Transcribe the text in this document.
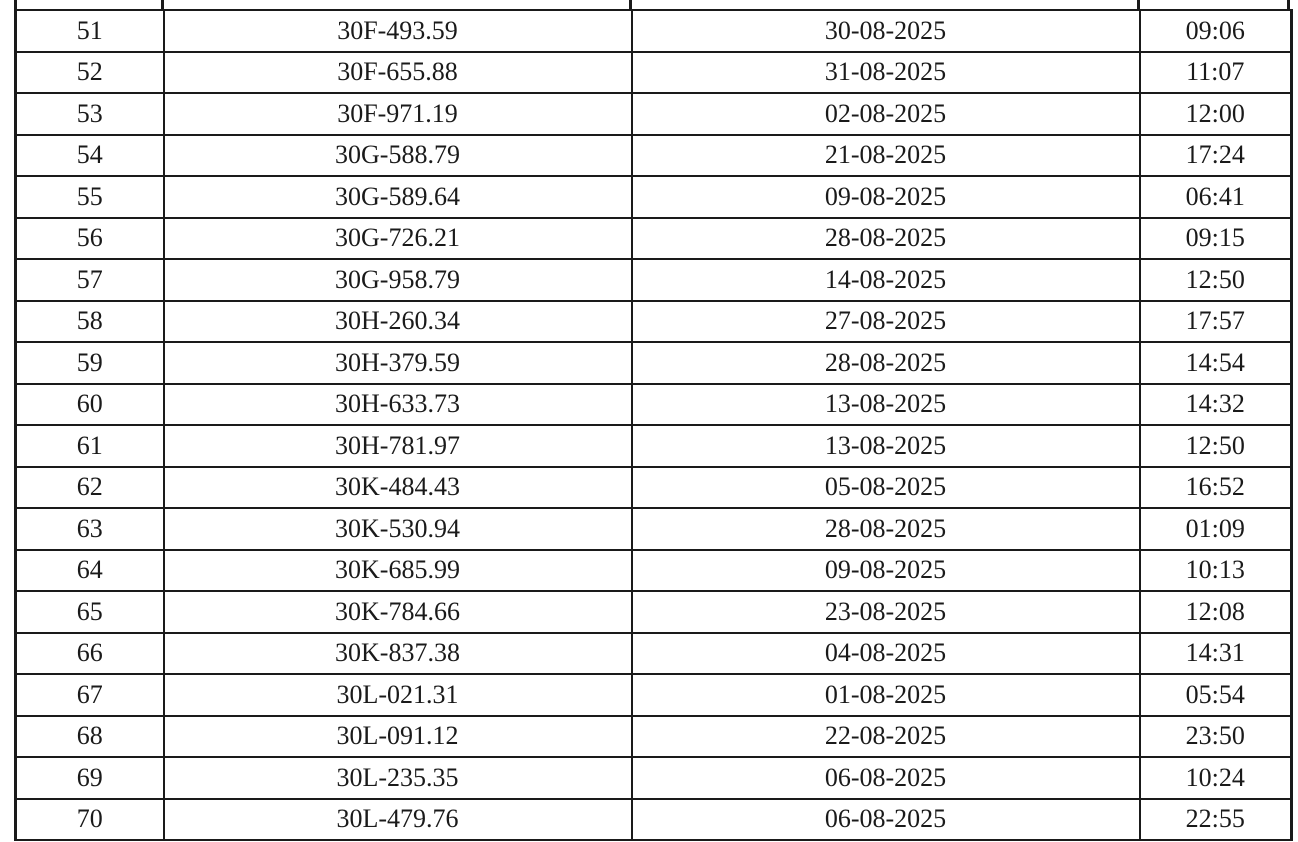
51	30F-493.59	30-08-2025	09:06
52	30F-655.88	31-08-2025	11:07
53	30F-971.19	02-08-2025	12:00
54	30G-588.79	21-08-2025	17:24
55	30G-589.64	09-08-2025	06:41
56	30G-726.21	28-08-2025	09:15
57	30G-958.79	14-08-2025	12:50
58	30H-260.34	27-08-2025	17:57
59	30H-379.59	28-08-2025	14:54
60	30H-633.73	13-08-2025	14:32
61	30H-781.97	13-08-2025	12:50
62	30K-484.43	05-08-2025	16:52
63	30K-530.94	28-08-2025	01:09
64	30K-685.99	09-08-2025	10:13
65	30K-784.66	23-08-2025	12:08
66	30K-837.38	04-08-2025	14:31
67	30L-021.31	01-08-2025	05:54
68	30L-091.12	22-08-2025	23:50
69	30L-235.35	06-08-2025	10:24
70	30L-479.76	06-08-2025	22:55
